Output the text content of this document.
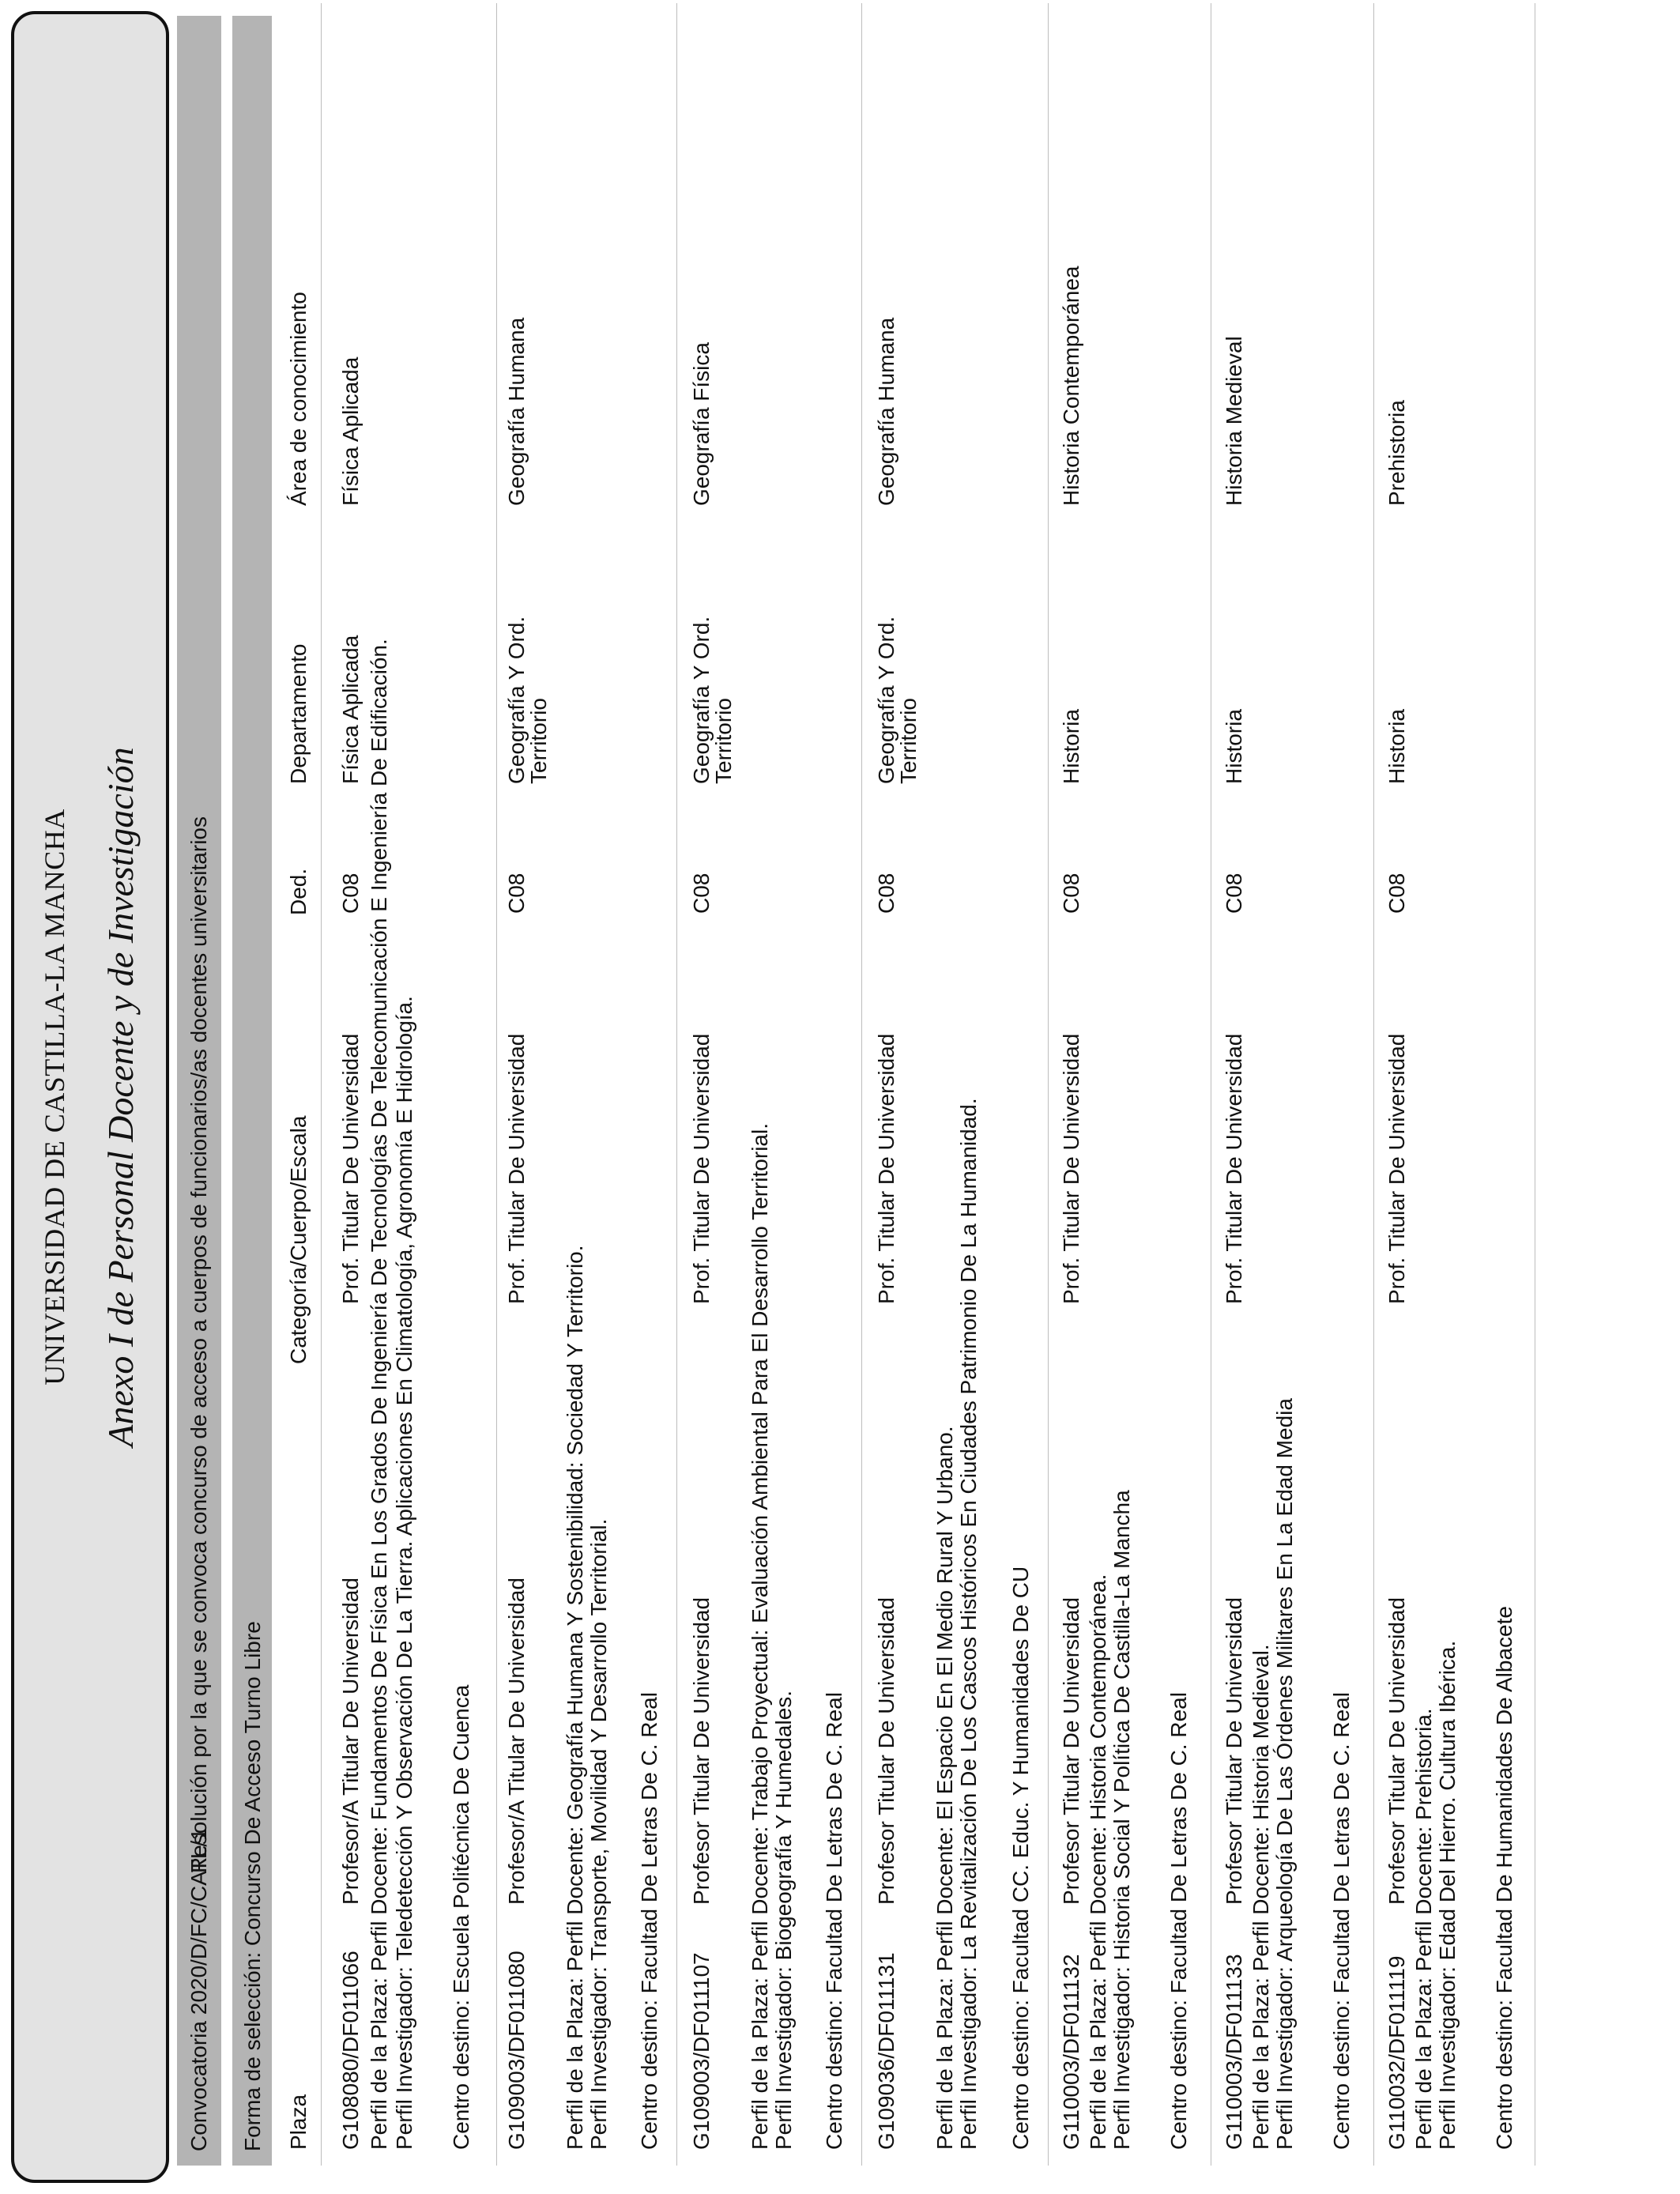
UNIVERSIDAD DE CASTILLA-LA MANCHA Anexo I de Personal Docente y de Investigación
Convocatoria 2020/D/FC/CATL/1
Resolución por la que se convoca concurso de acceso a cuerpos de funcionarios/as docentes universitarios
Forma de selección: Concurso De Acceso Turno Libre Plaza
Categoría/Cuerpo/Escala
Ded.
Departamento
Área de conocimiento
G108080/DF011066
Profesor/A Titular De Universidad
Prof. Titular De Universidad
C08
Física Aplicada
Física Aplicada
Perfil de la Plaza: Perfil Docente: Fundamentos De Física En Los Grados De Ingeniería De Tecnologías De Telecomunicación E Ingeniería De Edificación. Perfil Investigador: Teledetección Y Observación De La Tierra. Aplicaciones En Climatología, Agronomía E Hidrología. Centro destino: Escuela Politécnica De Cuenca G109003/DF011080
Profesor/A Titular De Universidad
Prof. Titular De Universidad
C08
Geografía Y Ord.
Territorio
Geografía Humana
Perfil de la Plaza: Perfil Docente: Geografía Humana Y Sostenibilidad: Sociedad Y Territorio. Perfil Investigador: Transporte, Movilidad Y Desarrollo Territorial. Centro destino: Facultad De Letras De C. Real G109003/DF011107
Profesor Titular De Universidad
Prof. Titular De Universidad
C08
Geografía Y Ord.
Territorio
Geografía Física
Perfil de la Plaza: Perfil Docente: Trabajo Proyectual: Evaluación Ambiental Para El Desarrollo Territorial. Perfil Investigador: Biogeografía Y Humedales. Centro destino: Facultad De Letras De C. Real G109036/DF011131
Profesor Titular De Universidad
Prof. Titular De Universidad
C08
Geografía Y Ord.
Territorio
Geografía Humana
Perfil de la Plaza: Perfil Docente: El Espacio En El Medio Rural Y Urbano. Perfil Investigador: La Revitalización De Los Cascos Históricos En Ciudades Patrimonio De La Humanidad. Centro destino: Facultad CC. Educ. Y Humanidades De CU G110003/DF011132
Profesor Titular De Universidad
Prof. Titular De Universidad
C08
Historia
Historia Contemporánea
Perfil de la Plaza: Perfil Docente: Historia Contemporánea. Perfil Investigador: Historia Social Y Política De Castilla-La Mancha Centro destino: Facultad De Letras De C. Real G110003/DF011133
Profesor Titular De Universidad
Prof. Titular De Universidad
C08
Historia
Historia Medieval
Perfil de la Plaza: Perfil Docente: Historia Medieval. Perfil Investigador: Arqueología De Las Órdenes Militares En La Edad Media Centro destino: Facultad De Letras De C. Real G110032/DF011119
Profesor Titular De Universidad
Prof. Titular De Universidad
C08
Historia
Prehistoria
Perfil de la Plaza: Perfil Docente: Prehistoria. Perfil Investigador: Edad Del Hierro. Cultura Ibérica. Centro destino: Facultad De Humanidades De Albacete
